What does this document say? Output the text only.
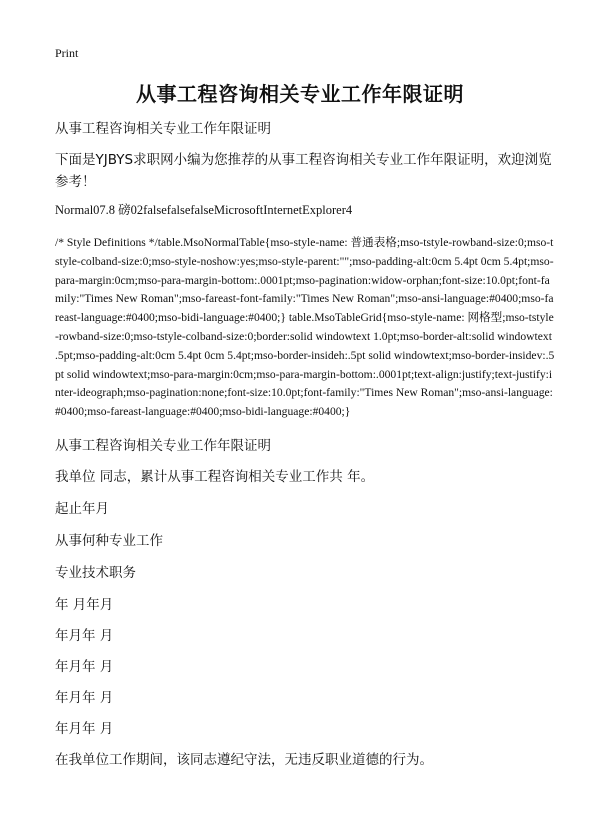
Print
从事工程咨询相关专业工作年限证明
从事工程咨询相关专业工作年限证明
下面是YJBYS求职网小编为您推荐的从事工程咨询相关专业工作年限证明，欢迎浏览参考！
Normal07.8 磅02falsefalsefalseMicrosoftInternetExplorer4
/* Style Definitions */table.MsoNormalTable{mso-style-name: 普通表格;mso-tstyle-rowband-size:0;mso-tstyle-colband-size:0;mso-style-noshow:yes;mso-style-parent:"";mso-padding-alt:0cm 5.4pt 0cm 5.4pt;mso-para-margin:0cm;mso-para-margin-bottom:.0001pt;mso-pagination:widow-orphan;font-size:10.0pt;font-family:"Times New Roman";mso-fareast-font-family:"Times New Roman";mso-ansi-language:#0400;mso-fareast-language:#0400;mso-bidi-language:#0400;} table.MsoTableGrid{mso-style-name: 网格型;mso-tstyle-rowband-size:0;mso-tstyle-colband-size:0;border:solid windowtext 1.0pt;mso-border-alt:solid windowtext .5pt;mso-padding-alt:0cm 5.4pt 0cm 5.4pt;mso-border-insideh:.5pt solid windowtext;mso-border-insidev:.5pt solid windowtext;mso-para-margin:0cm;mso-para-margin-bottom:.0001pt;text-align:justify;text-justify:inter-ideograph;mso-pagination:none;font-size:10.0pt;font-family:"Times New Roman";mso-ansi-language:#0400;mso-fareast-language:#0400;mso-bidi-language:#0400;}
从事工程咨询相关专业工作年限证明
我单位 同志，累计从事工程咨询相关专业工作共 年。
起止年月
从事何种专业工作
专业技术职务
年 月年月
年月年 月
年月年 月
年月年 月
年月年 月
在我单位工作期间，该同志遵纪守法，无违反职业道德的行为。
